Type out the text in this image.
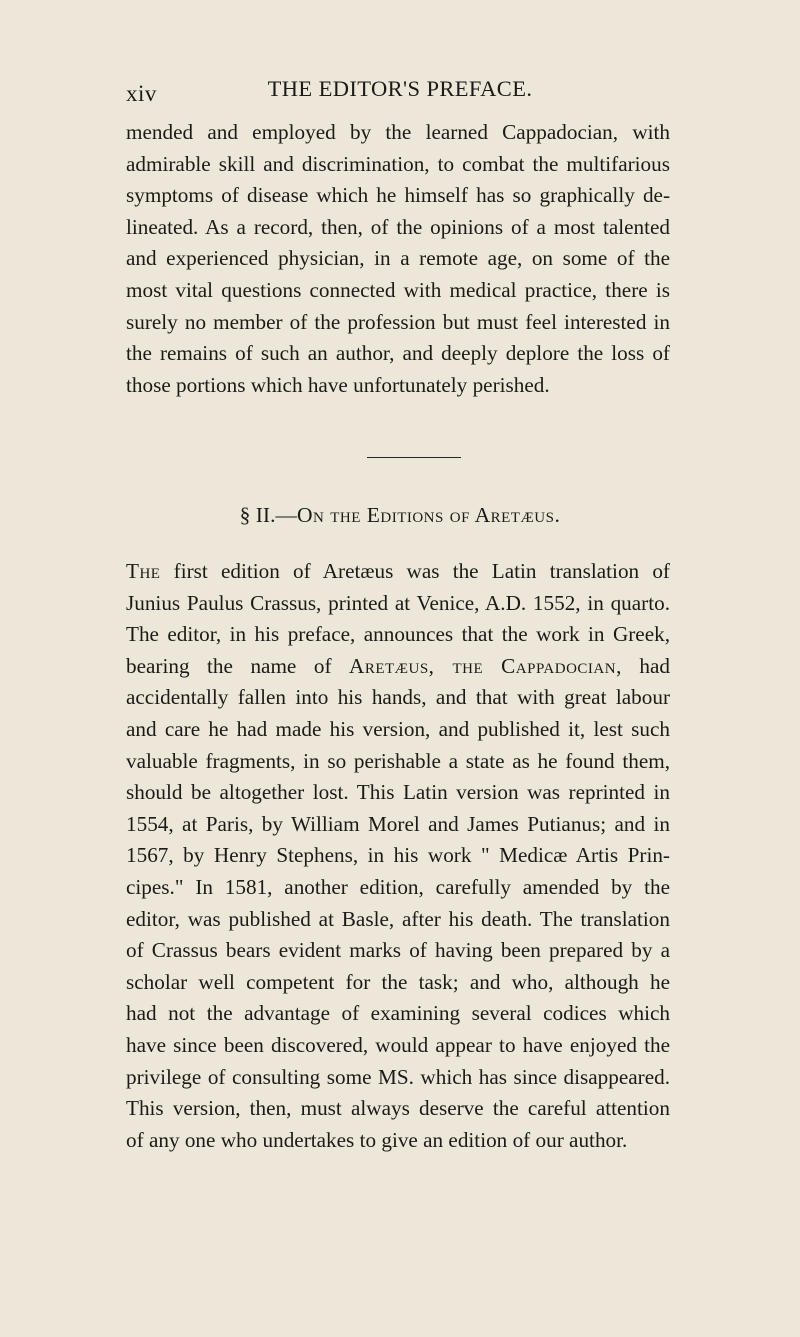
xiv	THE EDITOR'S PREFACE.
mended and employed by the learned Cappadocian, with
admirable skill and discrimination, to combat the multifarious
symptoms of disease which he himself has so graphically de-
lineated. As a record, then, of the opinions of a most talented
and experienced physician, in a remote age, on some of the
most vital questions connected with medical practice, there is
surely no member of the profession but must feel interested in
the remains of such an author, and deeply deplore the loss of
those portions which have unfortunately perished.
§ II.—On the Editions of Aretæus.
The first edition of Aretæus was the Latin translation of
Junius Paulus Crassus, printed at Venice, A.D. 1552, in quarto.
The editor, in his preface, announces that the work in Greek,
bearing the name of Aretæus, the Cappadocian, had
accidentally fallen into his hands, and that with great labour
and care he had made his version, and published it, lest such
valuable fragments, in so perishable a state as he found them,
should be altogether lost. This Latin version was reprinted in
1554, at Paris, by William Morel and James Putianus; and in
1567, by Henry Stephens, in his work " Medicæ Artis Prin-
cipes." In 1581, another edition, carefully amended by the
editor, was published at Basle, after his death. The translation
of Crassus bears evident marks of having been prepared by a
scholar well competent for the task; and who, although he
had not the advantage of examining several codices which
have since been discovered, would appear to have enjoyed the
privilege of consulting some MS. which has since disappeared.
This version, then, must always deserve the careful attention
of any one who undertakes to give an edition of our author.
